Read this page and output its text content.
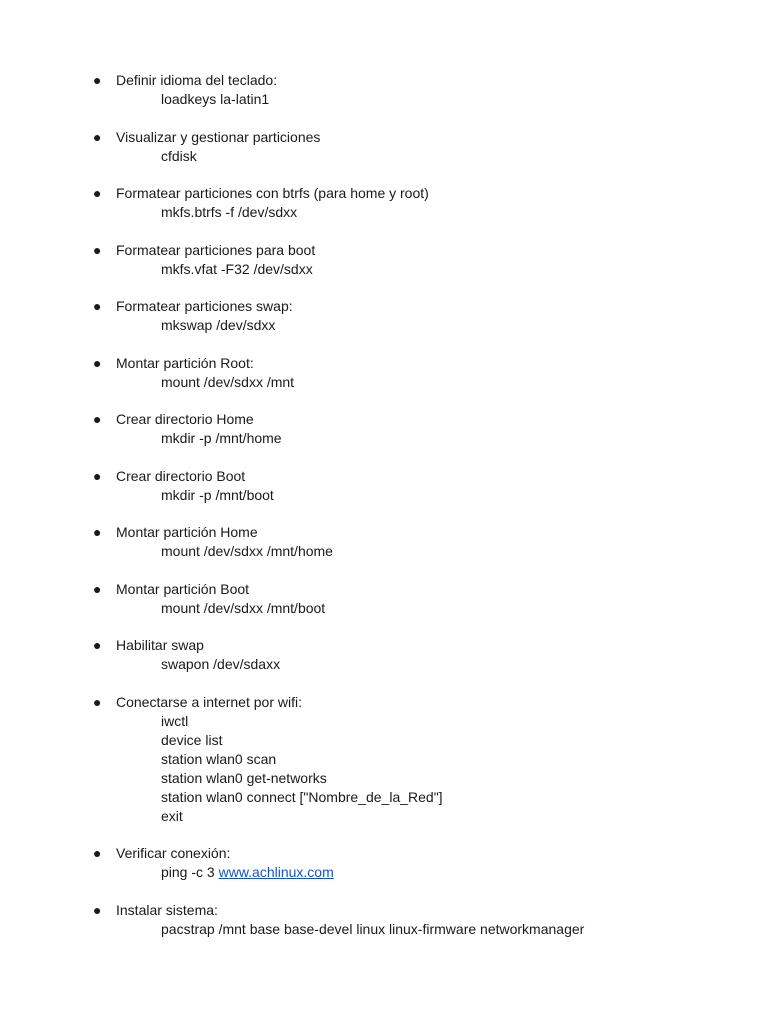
● Definir idioma del teclado:
loadkeys la-latin1
● Visualizar y gestionar particiones
cfdisk
● Formatear particiones con btrfs (para home y root)
mkfs.btrfs -f /dev/sdxx
● Formatear particiones para boot
mkfs.vfat -F32 /dev/sdxx
● Formatear particiones swap:
mkswap /dev/sdxx
● Montar partición Root:
mount /dev/sdxx /mnt
● Crear directorio Home
mkdir -p /mnt/home
● Crear directorio Boot
mkdir -p /mnt/boot
● Montar partición Home
mount /dev/sdxx /mnt/home
● Montar partición Boot
mount /dev/sdxx /mnt/boot
● Habilitar swap
swapon /dev/sdaxx
● Conectarse a internet por wifi:
iwctl
device list
station wlan0 scan
station wlan0 get-networks
station wlan0 connect ["Nombre_de_la_Red"]
exit
● Verificar conexión:
ping -c 3 www.achlinux.com
● Instalar sistema:
pacstrap /mnt base base-devel linux linux-firmware networkmanager
